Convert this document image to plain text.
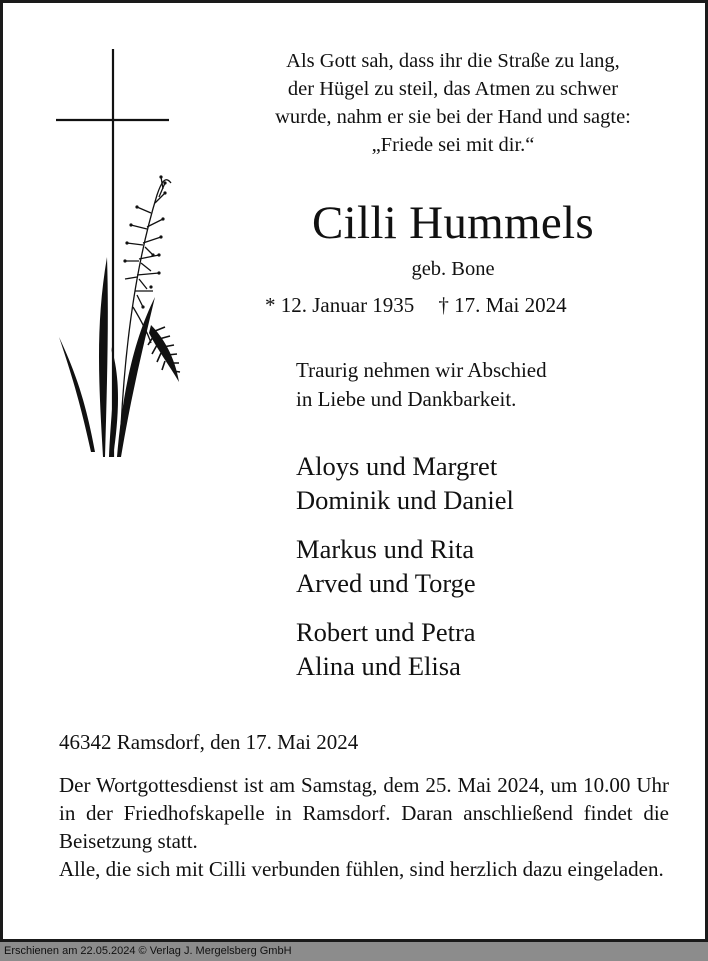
Als Gott sah, dass ihr die Straße zu lang,
der Hügel zu steil, das Atmen zu schwer
wurde, nahm er sie bei der Hand und sagte:
„Friede sei mit dir.“
Cilli Hummels
geb. Bone
* 12. Januar 1935 † 17. Mai 2024
Traurig nehmen wir Abschied
in Liebe und Dankbarkeit.
Aloys und Margret
Dominik und Daniel
Markus und Rita
Arved und Torge
Robert und Petra
Alina und Elisa
46342 Ramsdorf, den 17. Mai 2024

Der Wortgottesdienst ist am Samstag, dem 25. Mai 2024, um 10.00 Uhr in der Friedhofskapelle in Ramsdorf. Daran anschließend findet die Beisetzung statt.

Alle, die sich mit Cilli verbunden fühlen, sind herzlich dazu eingeladen.

Erschienen am 22.05.2024 © Verlag J. Mergelsberg GmbH
